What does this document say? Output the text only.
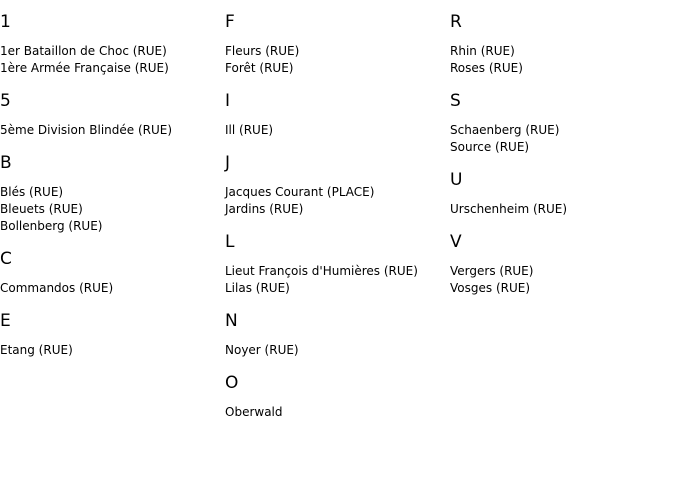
1
1er Bataillon de Choc (RUE)
1ère Armée Française (RUE)
5
5ème Division Blindée (RUE)
B
Blés (RUE)
Bleuets (RUE)
Bollenberg (RUE)
C
Commandos (RUE)
E
Etang (RUE)
F
Fleurs (RUE)
Forêt (RUE)
I
Ill (RUE)
J
Jacques Courant (PLACE)
Jardins (RUE)
L
Lieut François d'Humières (RUE)
Lilas (RUE)
N
Noyer (RUE)
O
Oberwald
R
Rhin (RUE)
Roses (RUE)
S
Schaenberg (RUE)
Source (RUE)
U
Urschenheim (RUE)
V
Vergers (RUE)
Vosges (RUE)
